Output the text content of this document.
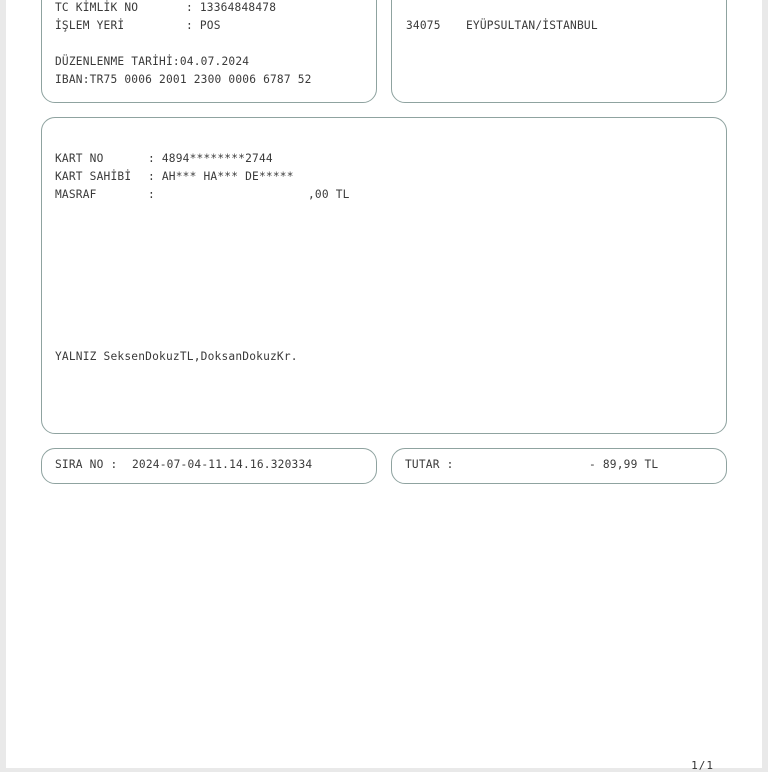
TC KİMLİK NO	: 13364848478
İŞLEM YERİ	: POS
DÜZENLENME TARİHİ:04.07.2024
IBAN:TR75 0006 2001 2300 0006 6787 52
34075 EYÜPSULTAN/İSTANBUL
KART NO	: 4894********2744
KART SAHİBİ : AH*** HA*** DE*****
MASRAF	:	,00 TL
YALNIZ SeksenDokuzTL,DoksanDokuzKr.
SIRA NO : 2024-07-04-11.14.16.320334	TUTAR :	- 89,99 TL
1/1
